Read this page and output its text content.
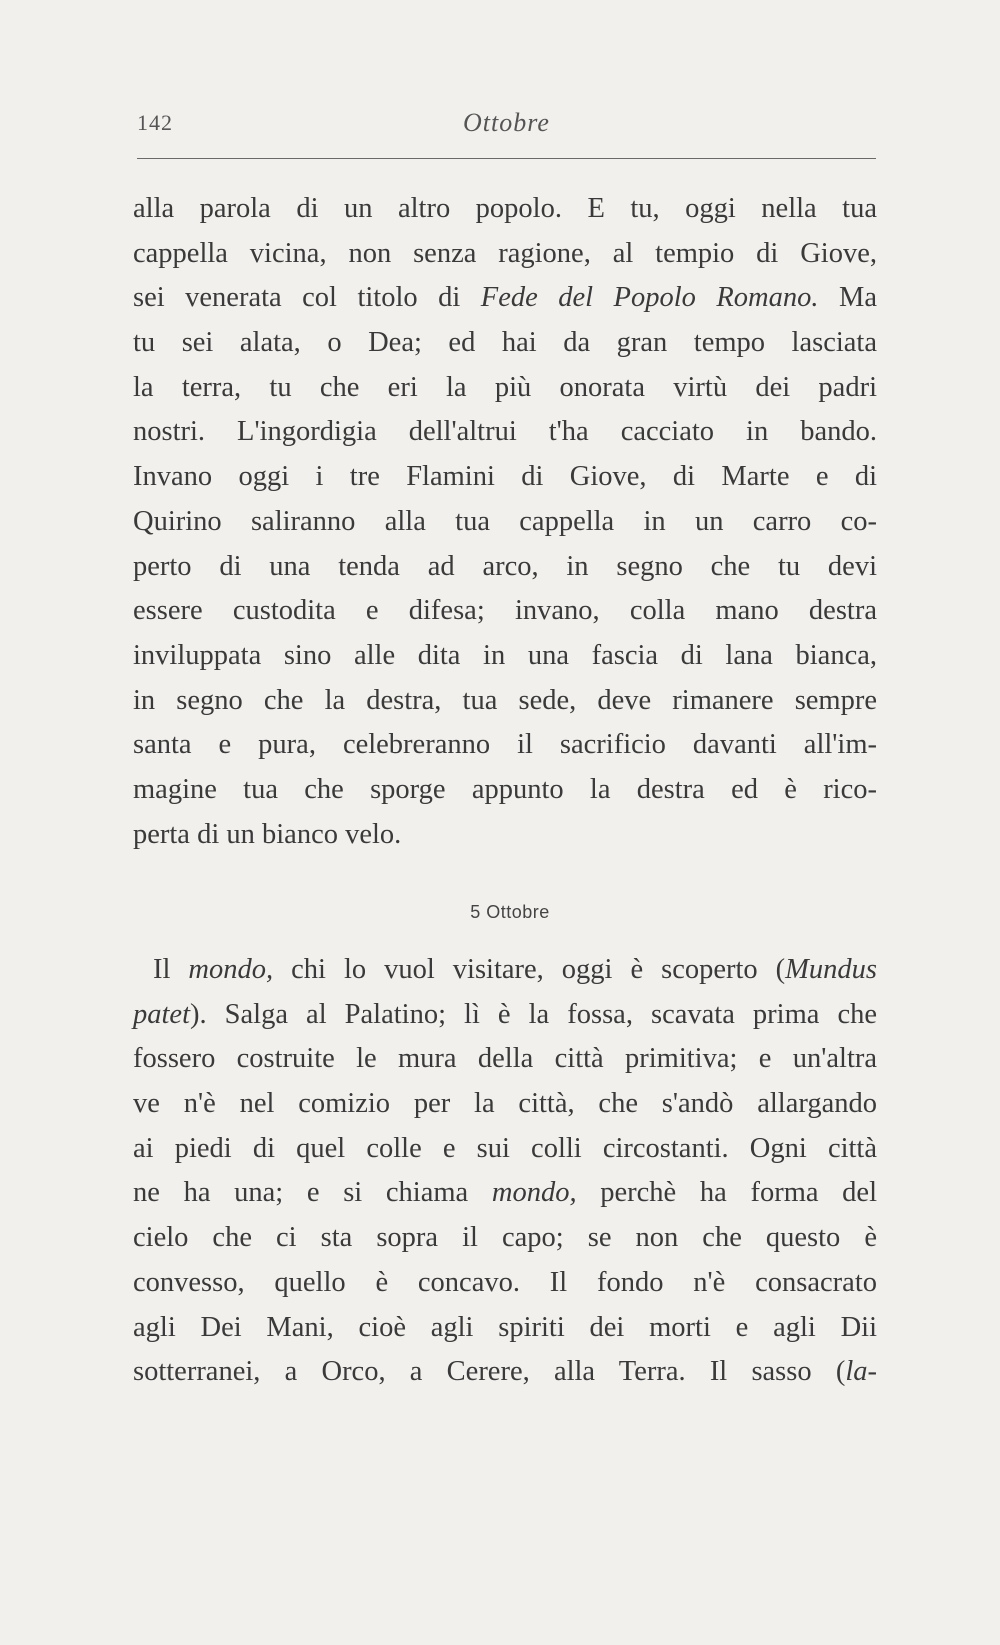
142	Ottobre
alla parola di un altro popolo. E tu, oggi nella tua
cappella vicina, non senza ragione, al tempio di Giove,
sei venerata col titolo di Fede del Popolo Romano. Ma
tu sei alata, o Dea; ed hai da gran tempo lasciata
la terra, tu che eri la più onorata virtù dei padri
nostri. L'ingordigia dell'altrui t'ha cacciato in bando.
Invano oggi i tre Flamini di Giove, di Marte e di
Quirino saliranno alla tua cappella in un carro co-
perto di una tenda ad arco, in segno che tu devi
essere custodita e difesa; invano, colla mano destra
inviluppata sino alle dita in una fascia di lana bianca,
in segno che la destra, tua sede, deve rimanere sempre
santa e pura, celebreranno il sacrificio davanti all'im-
magine tua che sporge appunto la destra ed è rico-
perta di un bianco velo.
5 Ottobre
Il mondo, chi lo vuol visitare, oggi è scoperto (Mundus
patet). Salga al Palatino; lì è la fossa, scavata prima che
fossero costruite le mura della città primitiva; e un'altra
ve n'è nel comizio per la città, che s'andò allargando
ai piedi di quel colle e sui colli circostanti. Ogni città
ne ha una; e si chiama mondo, perchè ha forma del
cielo che ci sta sopra il capo; se non che questo è
convesso, quello è concavo. Il fondo n'è consacrato
agli Dei Mani, cioè agli spiriti dei morti e agli Dii
sotterranei, a Orco, a Cerere, alla Terra. Il sasso (la-
